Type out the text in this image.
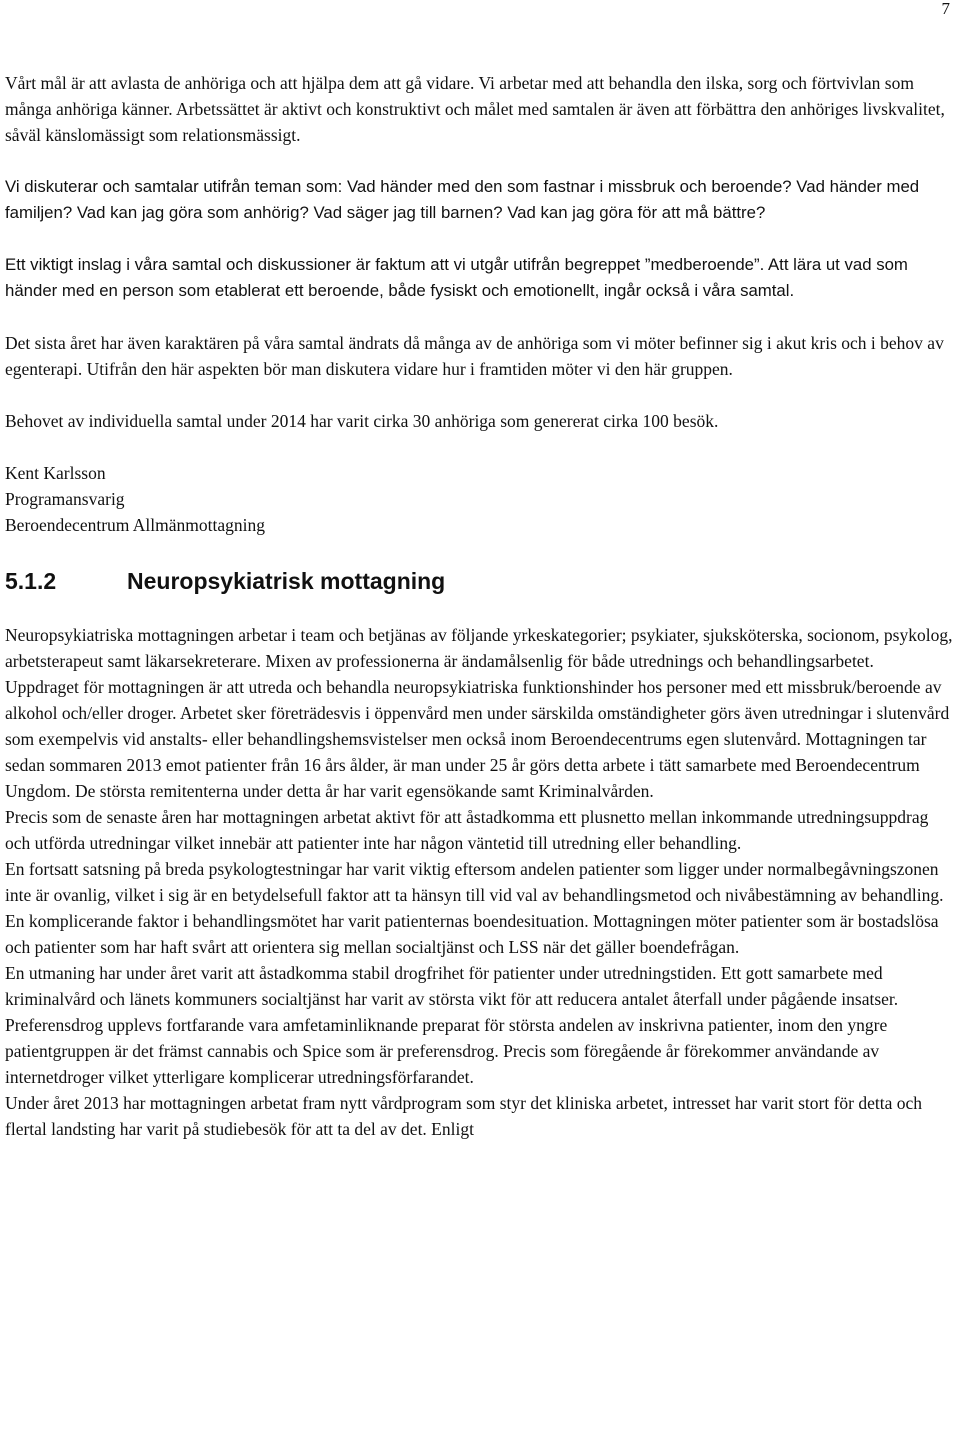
7

Vårt mål är att avlasta de anhöriga och att hjälpa dem att gå vidare. Vi arbetar med att behandla den ilska, sorg och förtvivlan som många anhöriga känner. Arbetssättet är aktivt och konstruktivt och målet med samtalen är även att förbättra den anhöriges livskvalitet, såväl känslomässigt som relationsmässigt.

Vi diskuterar och samtalar utifrån teman som: Vad händer med den som fastnar i missbruk och beroende? Vad händer med familjen? Vad kan jag göra som anhörig? Vad säger jag till barnen? Vad kan jag göra för att må bättre?

Ett viktigt inslag i våra samtal och diskussioner är faktum att vi utgår utifrån begreppet ”medberoende”. Att lära ut vad som händer med en person som etablerat ett beroende, både fysiskt och emotionellt, ingår också i våra samtal.

Det sista året har även karaktären på våra samtal ändrats då många av de anhöriga som vi möter befinner sig i akut kris och i behov av egenterapi. Utifrån den här aspekten bör man diskutera vidare hur i framtiden möter vi den här gruppen.

Behovet av individuella samtal under 2014 har varit cirka 30 anhöriga som genererat cirka 100 besök.

Kent Karlsson

Programansvarig

Beroendecentrum Allmänmottagning

5.1.2	Neuropsykiatrisk mottagning

Neuropsykiatriska mottagningen arbetar i team och betjänas av följande yrkeskategorier; psykiater, sjuksköterska, socionom, psykolog, arbetsterapeut samt läkarsekreterare. Mixen av professionerna är ändamålsenlig för både utrednings och behandlingsarbetet.

Uppdraget för mottagningen är att utreda och behandla neuropsykiatriska funktionshinder hos personer med ett missbruk/beroende av alkohol och/eller droger. Arbetet sker företrädesvis i öppenvård men under särskilda omständigheter görs även utredningar i slutenvård som exempelvis vid anstalts- eller behandlingshemsvistelser men också inom Beroendecentrums egen slutenvård. Mottagningen tar sedan sommaren 2013 emot patienter från 16 års ålder, är man under 25 år görs detta arbete i tätt samarbete med Beroendecentrum Ungdom. De största remitenterna under detta år har varit egensökande samt Kriminalvården.

Precis som de senaste åren har mottagningen arbetat aktivt för att åstadkomma ett plusnetto mellan inkommande utredningsuppdrag och utförda utredningar vilket innebär att patienter inte har någon väntetid till utredning eller behandling.

En fortsatt satsning på breda psykologtestningar har varit viktig eftersom andelen patienter som ligger under normalbegåvningszonen inte är ovanlig, vilket i sig är en betydelsefull faktor att ta hänsyn till vid val av behandlingsmetod och nivåbestämning av behandling. En komplicerande faktor i behandlingsmötet har varit patienternas boendesituation. Mottagningen möter patienter som är bostadslösa och patienter som har haft svårt att orientera sig mellan socialtjänst och LSS när det gäller boendefrågan.

En utmaning har under året varit att åstadkomma stabil drogfrihet för patienter under utredningstiden. Ett gott samarbete med kriminalvård och länets kommuners socialtjänst har varit av största vikt för att reducera antalet återfall under pågående insatser.

Preferensdrog upplevs fortfarande vara amfetaminliknande preparat för största andelen av inskrivna patienter, inom den yngre patientgruppen är det främst cannabis och Spice som är preferensdrog. Precis som föregående år förekommer användande av internetdroger vilket ytterligare komplicerar utredningsförfarandet.

Under året 2013 har mottagningen arbetat fram nytt vårdprogram som styr det kliniska arbetet, intresset har varit stort för detta och flertal landsting har varit på studiebesök för att ta del av det. Enligt
